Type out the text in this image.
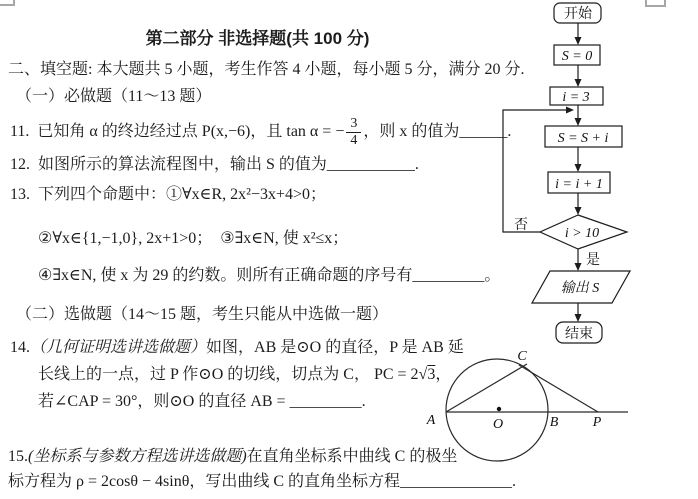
第二部分 非选择题(共 100 分)
二、填空题: 本大题共 5 小题，考生作答 4 小题，每小题 5 分，满分 20 分.
（一）必做题（11～13 题）
11.  已知角 α 的终边经过点 P(x,−6)，且 tan α = − $\frac{3}{4}$ ，则 x 的值为______.
12.  如图所示的算法流程图中，输出 S 的值为___________.
13.  下列四个命题中：①∀x∈R, 2x²−3x+4>0；
②∀x∈{1,−1,0}, 2x+1>0；  ③∃x∈N, 使 x²≤x；
④∃x∈N, 使 x 为 29 的约数。则所有正确命题的序号有_________。
（二）选做题（14～15 题，考生只能从中选做一题）
14.（几何证明选讲选做题）如图，AB 是⊙O 的直径，P 是 AB 延
长线上的一点，过 P 作⊙O 的切线，切点为 C， PC = 2√3，
若∠CAP = 30°，则⊙O 的直径 AB = _________.
15.(坐标系与参数方程选讲选做题)在直角坐标系中曲线 C 的极坐
标方程为 ρ = 2cosθ − 4sinθ，写出曲线 C 的直角坐标方程______________.
开始
S = 0
i = 3
否
S = S + i
i = i + 1
i > 10
是
输出 S
结束
A	O	B P
C
